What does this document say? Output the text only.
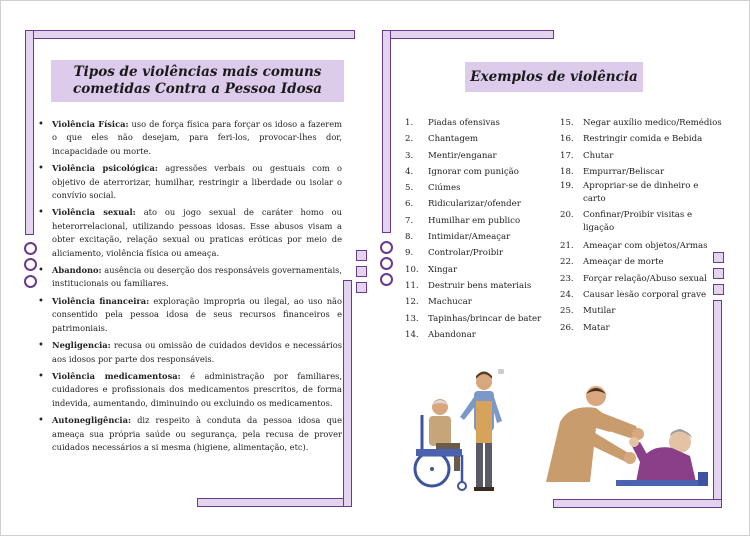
Tipos de violências mais comuns
cometidas Contra a Pessoa Idosa
• Violência Física: uso de força física para forçar os idoso a fazerem o que eles não desejam, para feri-los, provocar-lhes dor, incapacidade ou morte.
• Violência psicológica: agressões verbais ou gestuais com o objetivo de aterrorizar, humilhar, restringir a liberdade ou isolar o convívio social.
• Violência sexual: ato ou jogo sexual de caráter homo ou heterorrelacional, utilizando pessoas idosas. Esse abusos visam a obter excitação, relação sexual ou praticas eróticas por meio de aliciamento, violência física ou ameaça.
• Abandono: ausência ou deserção dos responsáveis governamentais, institucionais ou familiares.
• Violência financeira: exploração impropria ou ilegal, ao uso não consentido pela pessoa idosa de seus recursos financeiros e patrimoniais.
• Negligencia: recusa ou omissão de cuidados devidos e necessários aos idosos por parte dos responsáveis.
• Violência medicamentosa: é administração por familiares, cuidadores e profissionais dos medicamentos prescritos, de forma indevida, aumentando, diminuindo ou excluindo os medicamentos.
• Autonegligência: diz respeito à conduta da pessoa idosa que ameaça sua própria saúde ou segurança, pela recusa de prover cuidados necessários a si mesma (higiene, alimentação, etc).
Exemplos de violência
1. Piadas ofensivas
2. Chantagem
3. Mentir/enganar
4. Ignorar com punição
5. Ciúmes
6. Ridicularizar/ofender
7. Humilhar em publico
8. Intimidar/Ameaçar
9. Controlar/Proibir
10. Xingar
11. Destruir bens materiais
12. Machucar
13. Tapinhas/brincar de bater
14. Abandonar
15. Negar auxílio medico/Remédios
16. Restringir comida e Bebida
17. Chutar
18. Empurrar/Beliscar
19. Apropriar-se de dinheiro e carto
20. Confinar/Proibir visitas e ligação
21. Ameaçar com objetos/Armas
22. Ameaçar de morte
23. Forçar relação/Abuso sexual
24. Causar lesão corporal grave
25. Mutilar
26. Matar
